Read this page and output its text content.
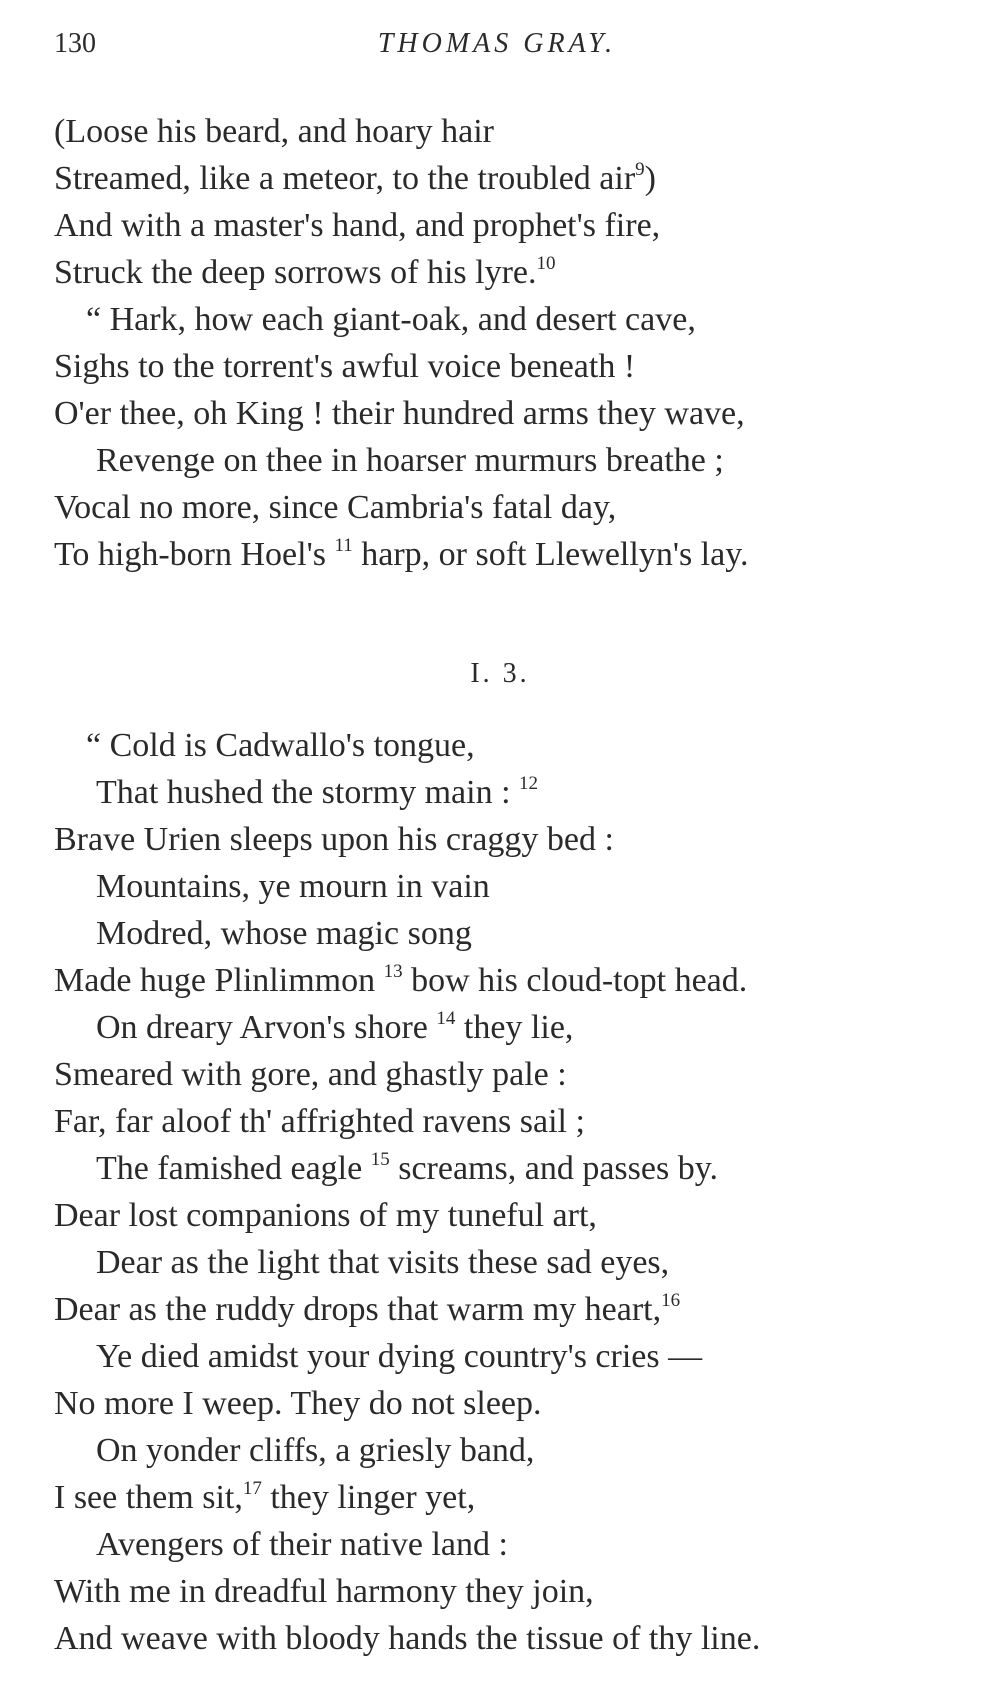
130	THOMAS GRAY.
(Loose his beard, and hoary hair
Streamed, like a meteor, to the troubled air$^9$)
And with a master's hand, and prophet's fire,
Struck the deep sorrows of his lyre.$^{10}$
“ Hark, how each giant-oak, and desert cave,
Sighs to the torrent's awful voice beneath !
O'er thee, oh King ! their hundred arms they wave,
Revenge on thee in hoarser murmurs breathe ;
Vocal no more, since Cambria's fatal day,
To high-born Hoel's $^{11}$ harp, or soft Llewellyn's lay.
I. 3.
“ Cold is Cadwallo's tongue,
That hushed the stormy main : $^{12}$
Brave Urien sleeps upon his craggy bed :
Mountains, ye mourn in vain
Modred, whose magic song
Made huge Plinlimmon $^{13}$ bow his cloud-topt head.
On dreary Arvon's shore $^{14}$ they lie,
Smeared with gore, and ghastly pale :
Far, far aloof th' affrighted ravens sail ;
The famished eagle $^{15}$ screams, and passes by.
Dear lost companions of my tuneful art,
Dear as the light that visits these sad eyes,
Dear as the ruddy drops that warm my heart,$^{16}$
Ye died amidst your dying country's cries —
No more I weep. They do not sleep.
On yonder cliffs, a griesly band,
I see them sit,$^{17}$ they linger yet,
Avengers of their native land :
With me in dreadful harmony they join,
And weave with bloody hands the tissue of thy line.
